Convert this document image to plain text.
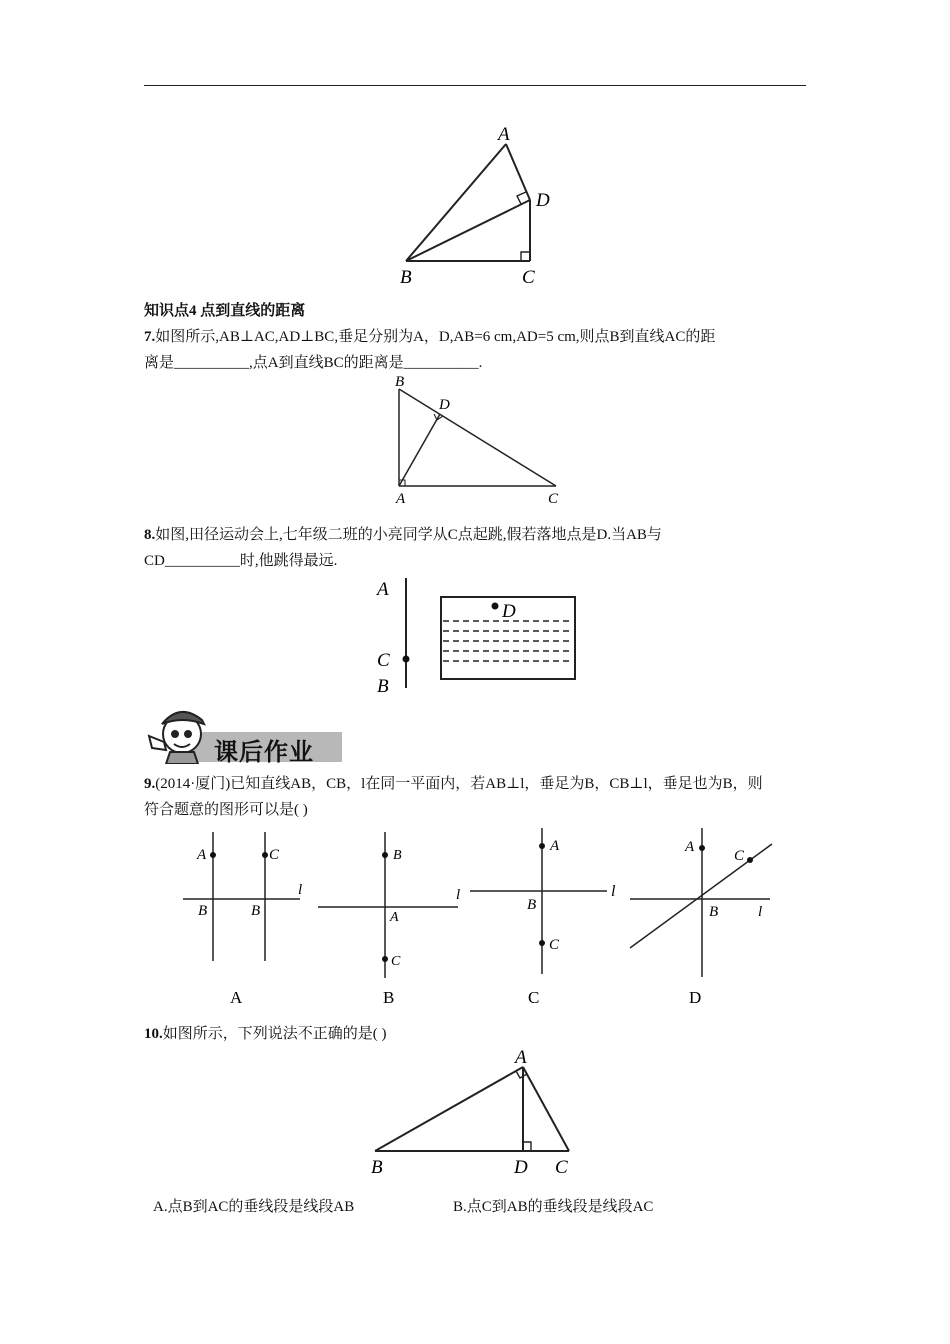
A
D
B	C
知识点4 点到直线的距离
7.如图所示,AB⊥AC,AD⊥BC,垂足分别为A，D,AB=6 cm,AD=5 cm,则点B到直线AC的距
离是__________,点A到直线BC的距离是__________.
B
D
A	C
8.如图,田径运动会上,七年级二班的小亮同学从C点起跳,假若落地点是D.当AB与
CD__________时,他跳得最远.
A
C
B
D
课后作业
9.(2014·厦门)已知直线AB，CB，l在同一平面内，若AB⊥l，垂足为B，CB⊥l，垂足也为B，则
符合题意的图形可以是( )
A	C
B	B
l
A
B
A
C
l
B
A
B
C
l
C
A
C
B	l
D
10.如图所示，下列说法不正确的是( )
A
B	D C
A.点B到AC的垂线段是线段AB	B.点C到AB的垂线段是线段AC
